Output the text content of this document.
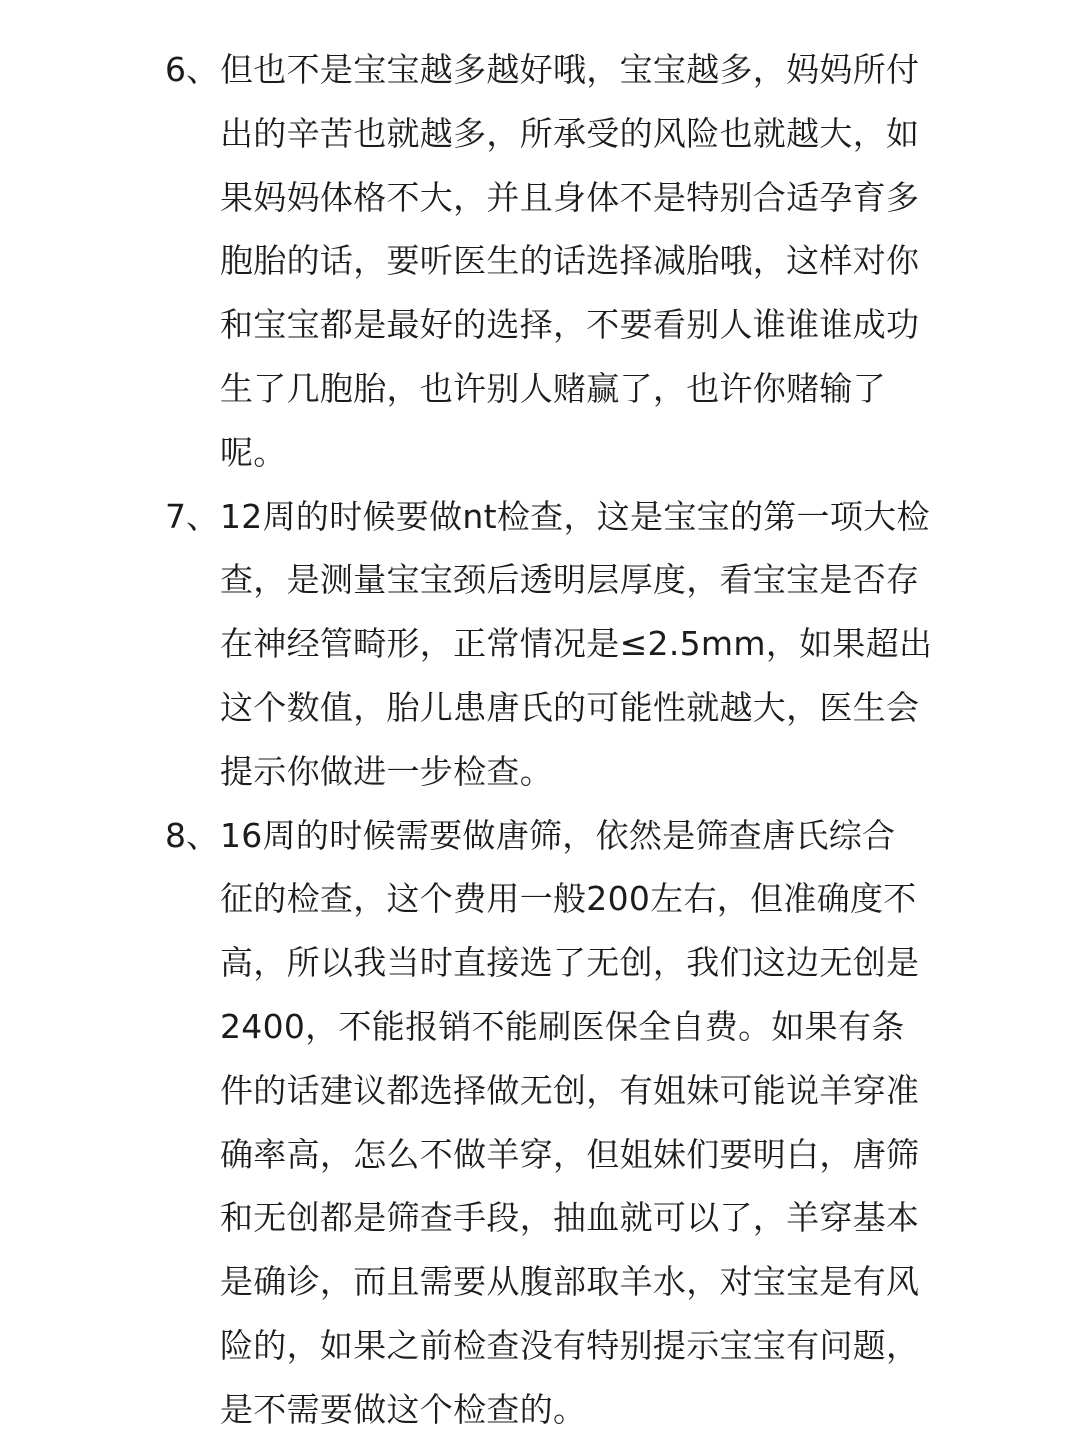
6、 但也不是宝宝越多越好哦，宝宝越多，妈妈所付
出的辛苦也就越多，所承受的风险也就越大，如
果妈妈体格不大，并且身体不是特别合适孕育多
胞胎的话，要听医生的话选择减胎哦，这样对你
和宝宝都是最好的选择，不要看别人谁谁谁成功
生了几胞胎，也许别人赌赢了，也许你赌输了
呢。
7、 12周的时候要做nt检查，这是宝宝的第一项大检
查，是测量宝宝颈后透明层厚度，看宝宝是否存
在神经管畸形，正常情况是≤2.5mm，如果超出
这个数值，胎儿患唐氏的可能性就越大，医生会
提示你做进一步检查。
8、 16周的时候需要做唐筛，依然是筛查唐氏综合
征的检查，这个费用一般200左右，但准确度不
高，所以我当时直接选了无创，我们这边无创是
2400，不能报销不能刷医保全自费。如果有条
件的话建议都选择做无创，有姐妹可能说羊穿准
确率高，怎么不做羊穿，但姐妹们要明白，唐筛
和无创都是筛查手段，抽血就可以了，羊穿基本
是确诊，而且需要从腹部取羊水，对宝宝是有风
险的，如果之前检查没有特别提示宝宝有问题，
是不需要做这个检查的。
